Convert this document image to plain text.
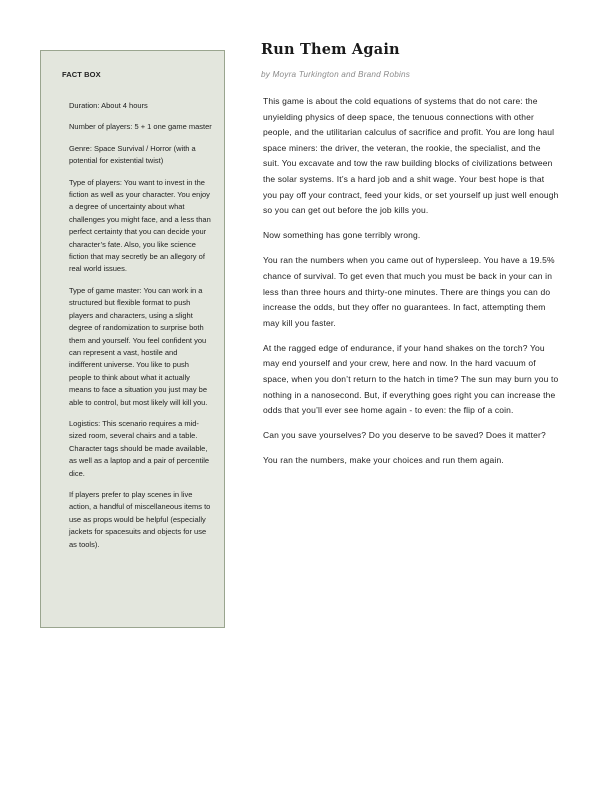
FACT BOX

Duration: About 4 hours

Number of players: 5 + 1 one game master

Genre: Space Survival / Horror (with a potential for existential twist)

Type of players: You want to invest in the fiction as well as your character. You enjoy a degree of uncertainty about what challenges you might face, and a less than perfect certainty that you can decide your character’s fate. Also, you like science fiction that may secretly be an allegory of real world issues.

Type of game master: You can work in a structured but flexible format to push players and characters, using a slight degree of randomization to surprise both them and yourself. You feel confident you can represent a vast, hostile and indifferent universe. You like to push people to think about what it actually means to face a situation you just may be able to control, but most likely will kill you.

Logistics: This scenario requires a mid-sized room, several chairs and a table. Character tags should be made available, as well as a laptop and a pair of percentile dice.

If players prefer to play scenes in live action, a handful of miscellaneous items to use as props would be helpful (especially jackets for spacesuits and objects for use as tools).

Run Them Again

by Moyra Turkington and Brand Robins

This game is about the cold equations of systems that do not care: the unyielding physics of deep space, the tenuous connections with other people, and the utilitarian calculus of sacrifice and profit. You are long haul space miners: the driver, the veteran, the rookie, the specialist, and the suit. You excavate and tow the raw building blocks of civilizations between the solar systems. It’s a hard job and a shit wage. Your best hope is that you pay off your contract, feed your kids, or set yourself up just well enough so you can get out before the job kills you.

Now something has gone terribly wrong.

You ran the numbers when you came out of hypersleep. You have a 19.5% chance of survival. To get even that much you must be back in your can in less than three hours and thirty-one minutes. There are things you can do increase the odds, but they offer no guarantees. In fact, attempting them may kill you faster.

At the ragged edge of endurance, if your hand shakes on the torch? You may end yourself and your crew, here and now. In the hard vacuum of space, when you don’t return to the hatch in time? The sun may burn you to nothing in a nanosecond. But, if everything goes right you can increase the odds that you’ll ever see home again - to even: the flip of a coin.

Can you save yourselves? Do you deserve to be saved? Does it matter?

You ran the numbers, make your choices and run them again.
